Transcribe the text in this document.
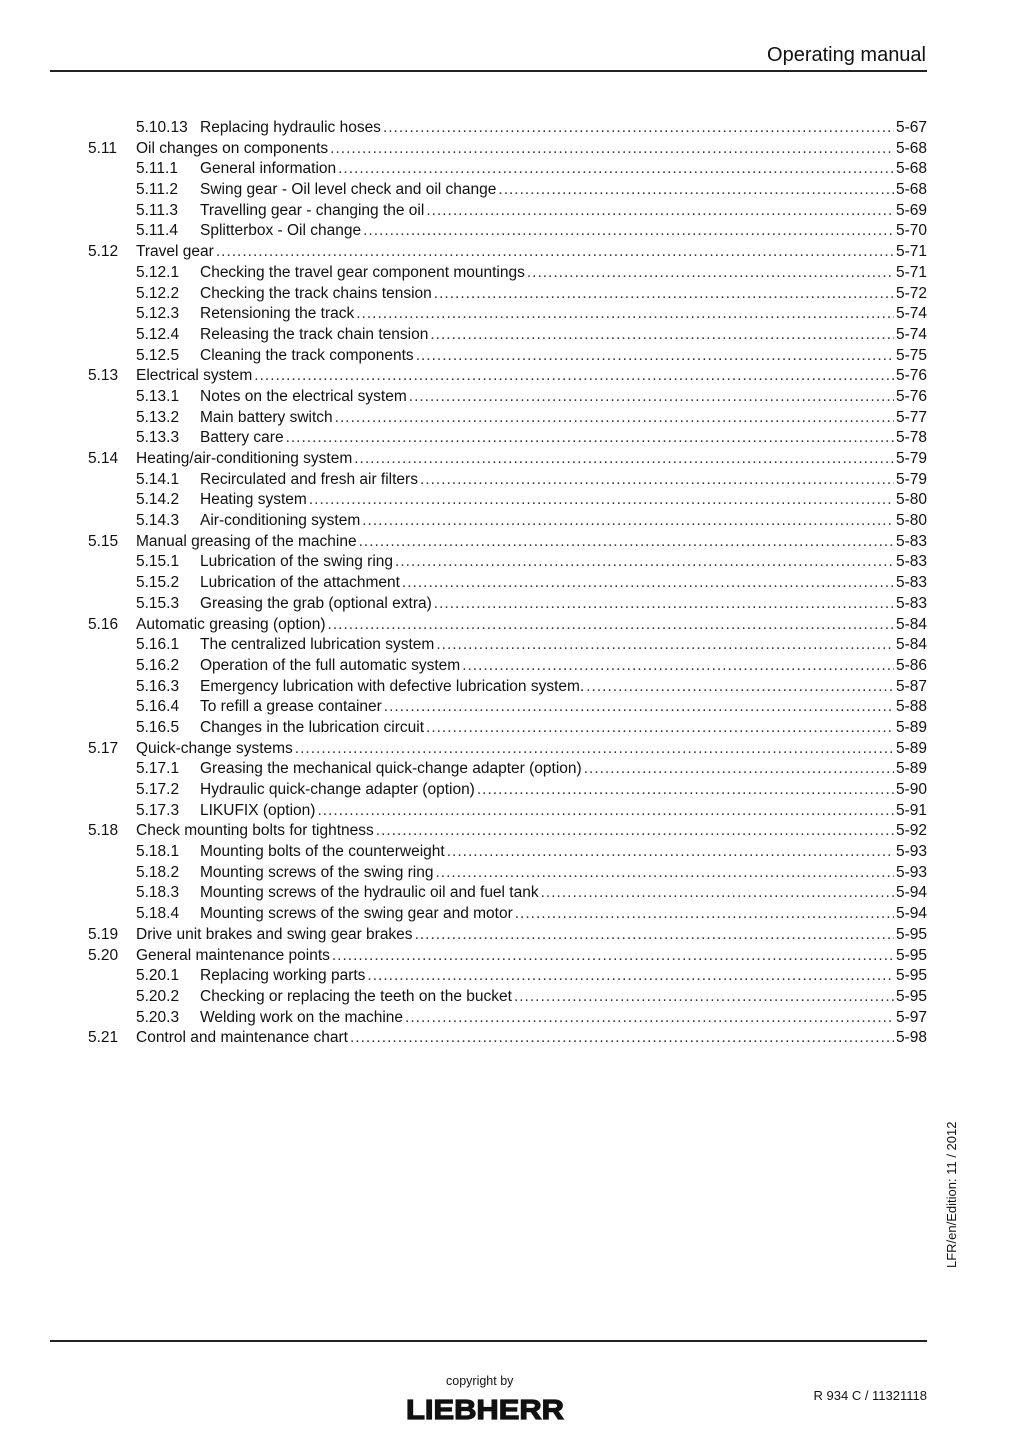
Operating manual
5.10.13 Replacing hydraulic hoses .....	5-67
5.11 Oil changes on components .....	5-68
5.11.1 General information .....	5-68
5.11.2 Swing gear - Oil level check and oil change .....	5-68
5.11.3 Travelling gear - changing the oil .....	5-69
5.11.4 Splitterbox - Oil change .....	5-70
5.12 Travel gear .....	5-71
5.12.1 Checking the travel gear component mountings .....	5-71
5.12.2 Checking the track chains tension .....	5-72
5.12.3 Retensioning the track .....	5-74
5.12.4 Releasing the track chain tension .....	5-74
5.12.5 Cleaning the track components .....	5-75
5.13 Electrical system .....	5-76
5.13.1 Notes on the electrical system .....	5-76
5.13.2 Main battery switch .....	5-77
5.13.3 Battery care .....	5-78
5.14 Heating/air-conditioning system .....	5-79
5.14.1 Recirculated and fresh air filters .....	5-79
5.14.2 Heating system .....	5-80
5.14.3 Air-conditioning system .....	5-80
5.15 Manual greasing of the machine .....	5-83
5.15.1 Lubrication of the swing ring .....	5-83
5.15.2 Lubrication of the attachment .....	5-83
5.15.3 Greasing the grab (optional extra) .....	5-83
5.16 Automatic greasing (option) .....	5-84
5.16.1 The centralized lubrication system .....	5-84
5.16.2 Operation of the full automatic system .....	5-86
5.16.3 Emergency lubrication with defective lubrication system. .....	5-87
5.16.4 To refill a grease container .....	5-88
5.16.5 Changes in the lubrication circuit .....	5-89
5.17 Quick-change systems .....	5-89
5.17.1 Greasing the mechanical quick-change adapter (option) .....	5-89
5.17.2 Hydraulic quick-change adapter (option) .....	5-90
5.17.3 LIKUFIX (option) .....	5-91
5.18 Check mounting bolts for tightness .....	5-92
5.18.1 Mounting bolts of the counterweight .....	5-93
5.18.2 Mounting screws of the swing ring .....	5-93
5.18.3 Mounting screws of the hydraulic oil and fuel tank .....	5-94
5.18.4 Mounting screws of the swing gear and motor .....	5-94
5.19 Drive unit brakes and swing gear brakes .....	5-95
5.20 General maintenance points .....	5-95
5.20.1 Replacing working parts .....	5-95
5.20.2 Checking or replacing the teeth on the bucket .....	5-95
5.20.3 Welding work on the machine .....	5-97
5.21 Control and maintenance chart .....	5-98
LFR/en/Edition: 11 / 2012
copyright by
LIEBHERR	R 934 C / 11321118
